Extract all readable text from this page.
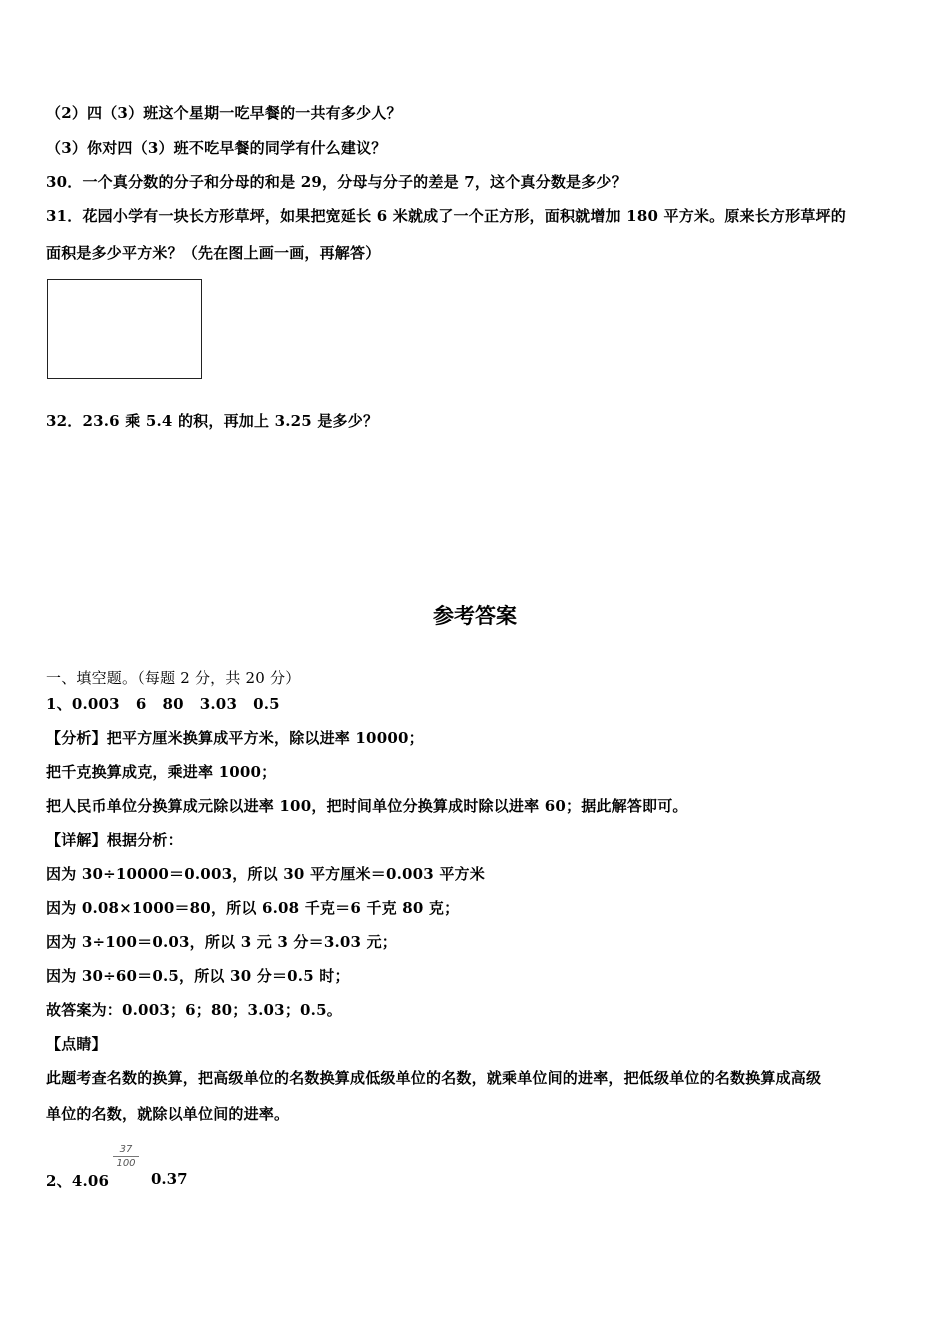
（2）四（3）班这个星期一吃早餐的一共有多少人？
（3）你对四（3）班不吃早餐的同学有什么建议？
30．一个真分数的分子和分母的和是 29，分母与分子的差是 7，这个真分数是多少？
31．花园小学有一块长方形草坪，如果把宽延长 6 米就成了一个正方形，面积就增加 180 平方米。原来长方形草坪的
面积是多少平方米？（先在图上画一画，再解答）
32．23.6 乘 5.4 的积，再加上 3.25 是多少？
参考答案
一、填空题。（每题 2 分，共 20 分）
1、0.003 6 80 3.03 0.5
【分析】把平方厘米换算成平方米，除以进率 10000；
把千克换算成克，乘进率 1000；
把人民币单位分换算成元除以进率 100，把时间单位分换算成时除以进率 60；据此解答即可。
【详解】根据分析：
因为 30÷10000＝0.003，所以 30 平方厘米＝0.003 平方米
因为 0.08×1000＝80，所以 6.08 千克＝6 千克 80 克；
因为 3÷100＝0.03，所以 3 元 3 分＝3.03 元；
因为 30÷60＝0.5，所以 30 分＝0.5 时；
故答案为：0.003；6；80；3.03；0.5。
【点睛】
此题考查名数的换算，把高级单位的名数换算成低级单位的名数，就乘单位间的进率，把低级单位的名数换算成高级
单位的名数，就除以单位间的进率。
2、4.06
$\frac{37}{100}$
0.37
